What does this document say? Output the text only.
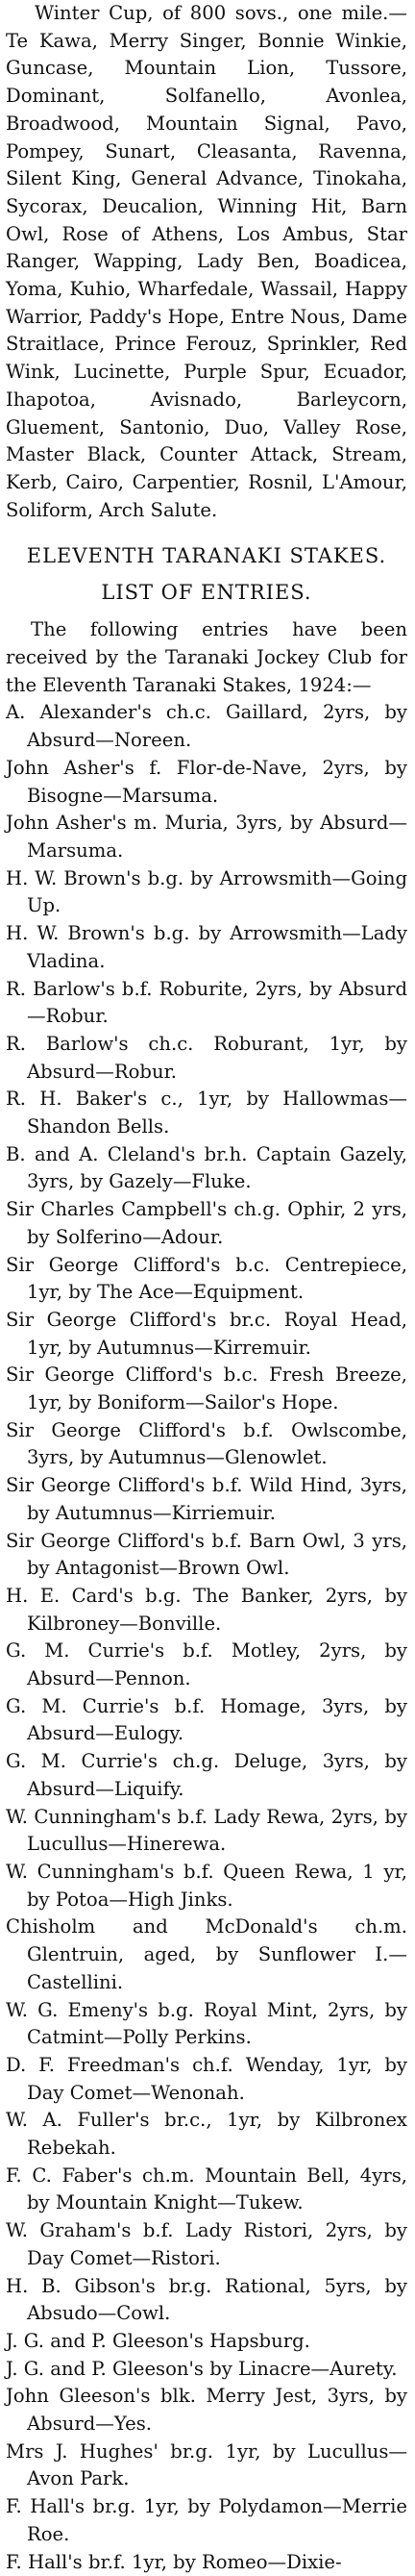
Winter Cup, of 800 sovs., one mile.—Te Kawa, Merry Singer, Bonnie Winkie, Guncase, Mountain Lion, Tussore, Dominant, Solfanello, Avonlea, Broadwood, Mountain Signal, Pavo, Pompey, Sunart, Cleasanta, Ravenna, Silent King, General Advance, Tinokaha, Sycorax, Deucalion, Winning Hit, Barn Owl, Rose of Athens, Los Ambus, Star Ranger, Wapping, Lady Ben, Boadicea, Yoma, Kuhio, Wharfedale, Wassail, Happy Warrior, Paddy's Hope, Entre Nous, Dame Straitlace, Prince Ferouz, Sprinkler, Red Wink, Lucinette, Purple Spur, Ecuador, Ihapotoa, Avisnado, Barleycorn, Gluement, Santonio, Duo, Valley Rose, Master Black, Counter Attack, Stream, Kerb, Cairo, Carpentier, Rosnil, L'Amour, Soliform, Arch Salute.

ELEVENTH TARANAKI STAKES.
LIST OF ENTRIES.

The following entries have been received by the Taranaki Jockey Club for the Eleventh Taranaki Stakes, 1924:—

A. Alexander's ch.c. Gaillard, 2yrs, by Absurd—Noreen.

John Asher's f. Flor-de-Nave, 2yrs, by Bisogne—Marsuma.

John Asher's m. Muria, 3yrs, by Absurd—Marsuma.

H. W. Brown's b.g. by Arrowsmith—Going Up.

H. W. Brown's b.g. by Arrowsmith—Lady Vladina.

R. Barlow's b.f. Roburite, 2yrs, by Absurd—Robur.

R. Barlow's ch.c. Roburant, 1yr, by Absurd—Robur.

R. H. Baker's c., 1yr, by Hallowmas—Shandon Bells.

B. and A. Cleland's br.h. Captain Gazely, 3yrs, by Gazely—Fluke.

Sir Charles Campbell's ch.g. Ophir, 2 yrs, by Solferino—Adour.

Sir George Clifford's b.c. Centrepiece, 1yr, by The Ace—Equipment.

Sir George Clifford's br.c. Royal Head, 1yr, by Autumnus—Kirremuir.

Sir George Clifford's b.c. Fresh Breeze, 1yr, by Boniform—Sailor's Hope.

Sir George Clifford's b.f. Owlscombe, 3yrs, by Autumnus—Glenowlet.

Sir George Clifford's b.f. Wild Hind, 3yrs, by Autumnus—Kirriemuir.

Sir George Clifford's b.f. Barn Owl, 3 yrs, by Antagonist—Brown Owl.

H. E. Card's b.g. The Banker, 2yrs, by Kilbroney—Bonville.

G. M. Currie's b.f. Motley, 2yrs, by Absurd—Pennon.

G. M. Currie's b.f. Homage, 3yrs, by Absurd—Eulogy.

G. M. Currie's ch.g. Deluge, 3yrs, by Absurd—Liquify.

W. Cunningham's b.f. Lady Rewa, 2yrs, by Lucullus—Hinerewa.

W. Cunningham's b.f. Queen Rewa, 1 yr, by Potoa—High Jinks.

Chisholm and McDonald's ch.m. Glentruin, aged, by Sunflower I.—Castellini.

W. G. Emeny's b.g. Royal Mint, 2yrs, by Catmint—Polly Perkins.

D. F. Freedman's ch.f. Wenday, 1yr, by Day Comet—Wenonah.

W. A. Fuller's br.c., 1yr, by Kilbronex Rebekah.

F. C. Faber's ch.m. Mountain Bell, 4yrs, by Mountain Knight—Tukew.

W. Graham's b.f. Lady Ristori, 2yrs, by Day Comet—Ristori.

H. B. Gibson's br.g. Rational, 5yrs, by Absudo—Cowl.

J. G. and P. Gleeson's Hapsburg.

J. G. and P. Gleeson's by Linacre—Aurety.

John Gleeson's blk. Merry Jest, 3yrs, by Absurd—Yes.

Mrs J. Hughes' br.g. 1yr, by Lucullus—Avon Park.

F. Hall's br.g. 1yr, by Polydamon—Merrie Roe.

F. Hall's br.f. 1yr, by Romeo—Dixie-
